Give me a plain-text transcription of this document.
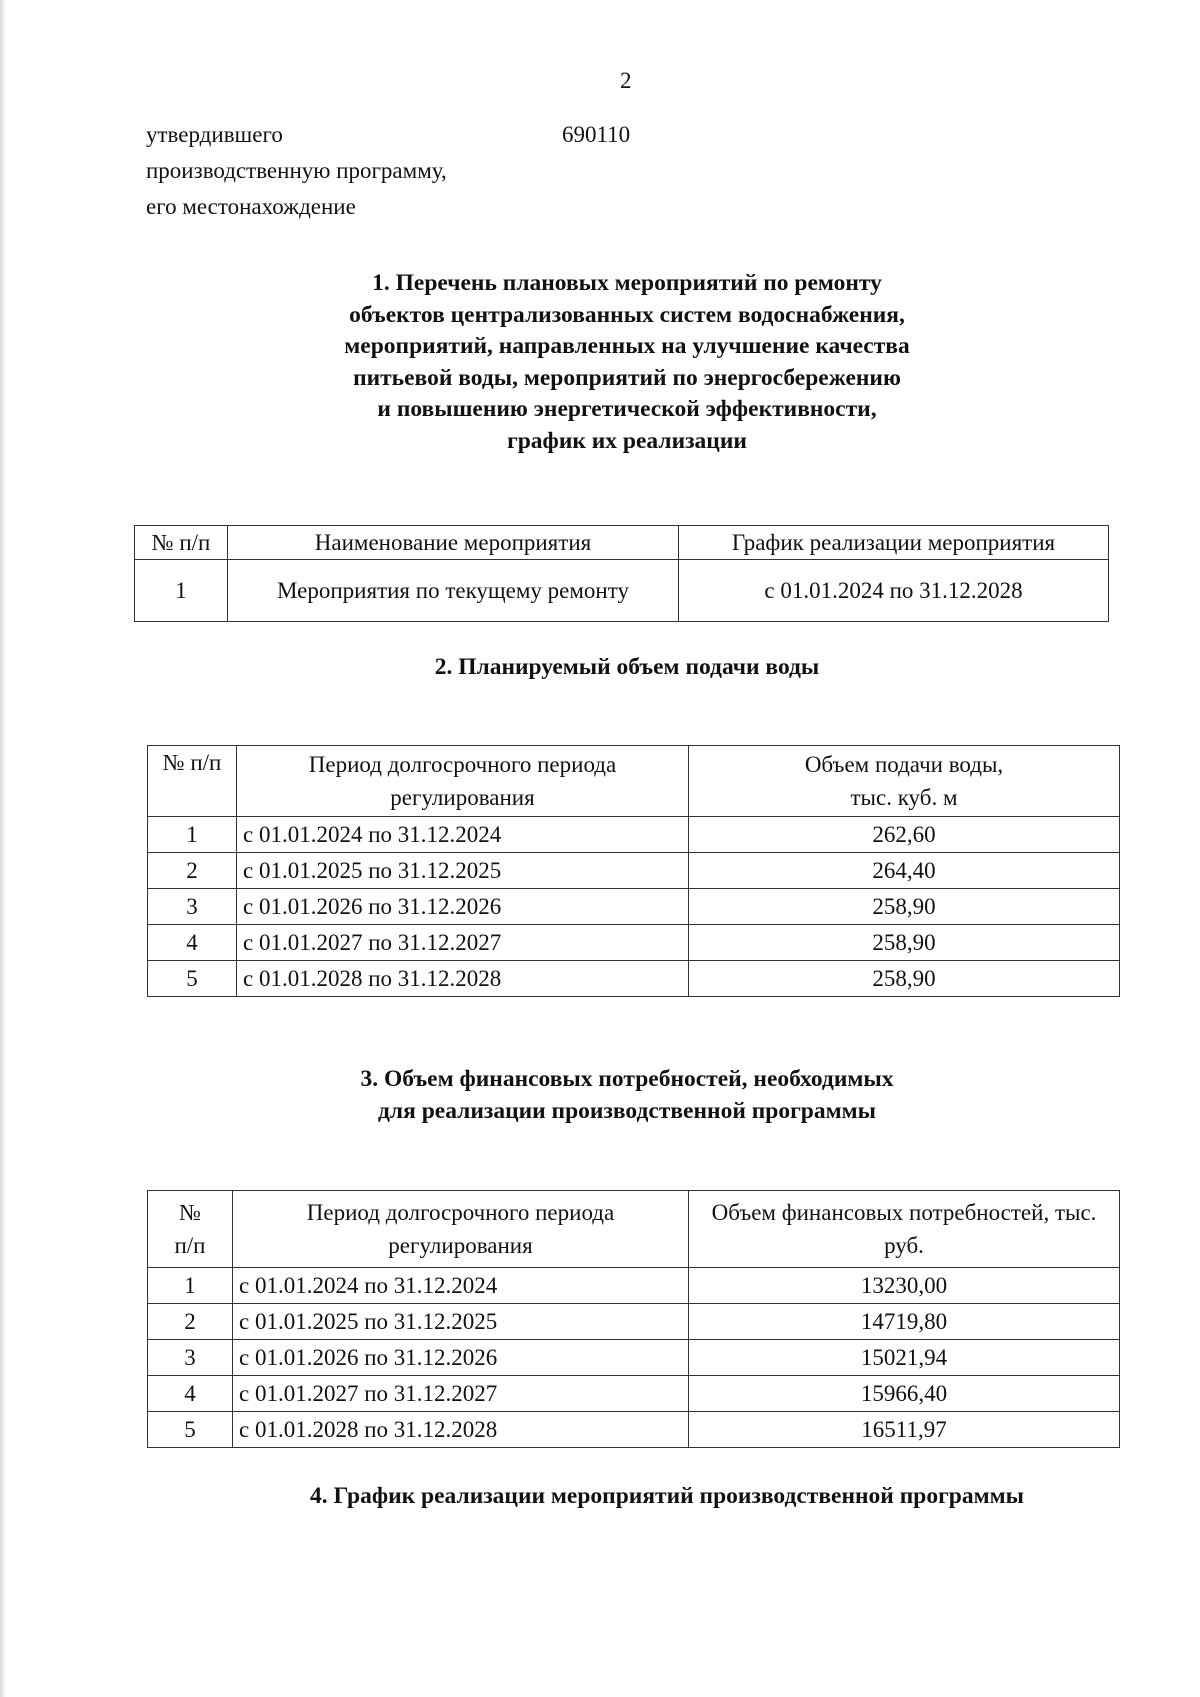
2
утвердившего
производственную программу,
его местонахождение
690110
1. Перечень плановых мероприятий по ремонту
объектов централизованных систем водоснабжения,
мероприятий, направленных на улучшение качества
питьевой воды, мероприятий по энергосбережению
и повышению энергетической эффективности,
график их реализации
№ п/п	Наименование мероприятия	График реализации мероприятия
1	Мероприятия по текущему ремонту	с 01.01.2024 по 31.12.2028
2. Планируемый объем подачи воды
№ п/п	Период долгосрочного периода регулирования	Объем подачи воды, тыс. куб. м

1	с 01.01.2024 по 31.12.2024	262,60
2	с 01.01.2025 по 31.12.2025	264,40
3	с 01.01.2026 по 31.12.2026	258,90
4	с 01.01.2027 по 31.12.2027	258,90
5	с 01.01.2028 по 31.12.2028	258,90
3. Объем финансовых потребностей, необходимых
для реализации производственной программы
№ п/п	Период долгосрочного периода регулирования	Объем финансовых потребностей, тыс. руб.

1	с 01.01.2024 по 31.12.2024	13230,00
2	с 01.01.2025 по 31.12.2025	14719,80
3	с 01.01.2026 по 31.12.2026	15021,94
4	с 01.01.2027 по 31.12.2027	15966,40
5	с 01.01.2028 по 31.12.2028	16511,97
4. График реализации мероприятий производственной программы
